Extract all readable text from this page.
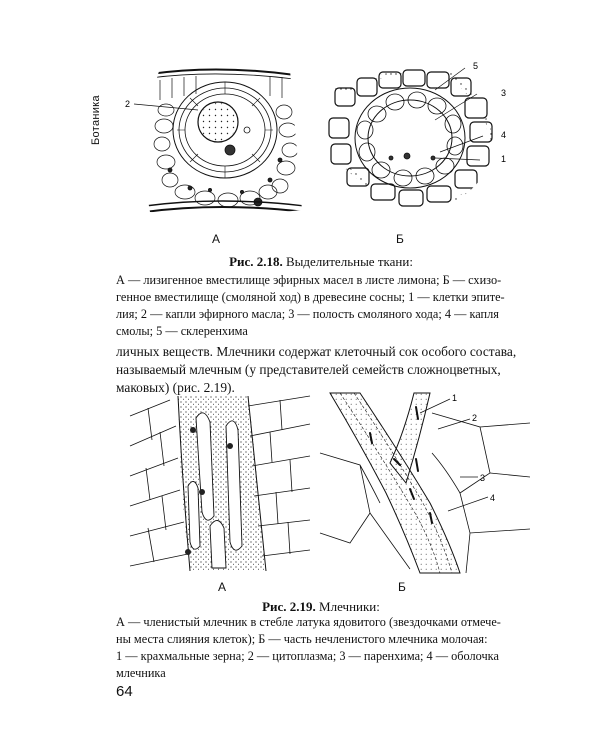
Ботаника	2
А
5
3
4
1
Б
Рис. 2.18. Выделительные ткани:
А — лизигенное вместилище эфирных масел в листе лимона; Б — схизо-
генное вместилище (смоляной ход) в древесине сосны; 1 — клетки эпите-
лия; 2 — капли эфирного масла; 3 — полость смоляного хода; 4 — капля
смолы; 5 — склеренхима
личных веществ. Млечники содержат клеточный сок особого состава,
называемый млечным (у представителей семейств сложноцветных,
маковых) (рис. 2.19).
А
1
2
3
4
Б
Рис. 2.19. Млечники:
А — членистый млечник в стебле латука ядовитого (звездочками отмече-
ны места слияния клеток); Б — часть нечленистого млечника молочая:
1 — крахмальные зерна; 2 — цитоплазма; 3 — паренхима; 4 — оболочка
млечника
64
